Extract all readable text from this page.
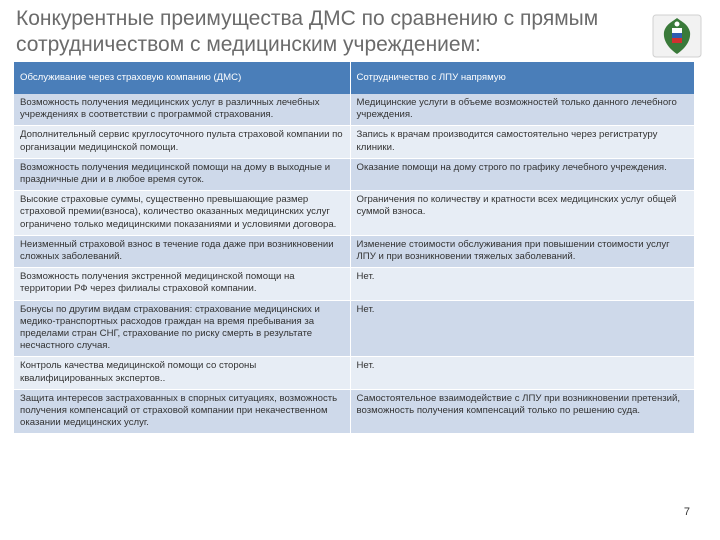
Конкурентные преимущества ДМС по сравнению с прямым сотрудничеством с медицинским учреждением:
Обслуживание через страховую компанию (ДМС)	Сотрудничество с ЛПУ напрямую
Возможность получения медицинских услуг в различных лечебных учреждениях в соответствии с программой страхования.	Медицинские услуги в объеме возможностей только данного лечебного учреждения.
Дополнительный сервис круглосуточного пульта страховой компании по организации медицинской помощи.	Запись к врачам производится самостоятельно через регистратуру клиники.
Возможность получения медицинской помощи на дому в выходные и праздничные дни и в любое время суток.	Оказание помощи на дому строго по графику лечебного учреждения.
Высокие страховые суммы, существенно превышающие размер страховой премии(взноса), количество оказанных медицинских услуг ограничено только медицинскими показаниями и условиями договора.	Ограничения по количеству и кратности всех медицинских услуг общей суммой взноса.
Неизменный страховой взнос в течение года даже при возникновении сложных заболеваний.	Изменение стоимости обслуживания при повышении стоимости услуг ЛПУ и при возникновении тяжелых заболеваний.
Возможность получения экстренной медицинской помощи на территории РФ через филиалы страховой компании.	Нет.
Бонусы по другим видам страхования: страхование медицинских и медико-транспортных расходов граждан на время пребывания за пределами стран СНГ, страхование по риску смерть в результате несчастного случая.	Нет.
Контроль качества медицинской помощи со стороны квалифицированных экспертов..	Нет.
Защита интересов застрахованных в спорных ситуациях, возможность получения компенсаций от страховой компании при некачественном оказании медицинских услуг.	Самостоятельное взаимодействие с ЛПУ при возникновении претензий, возможность получения компенсаций только по решению суда.
7
